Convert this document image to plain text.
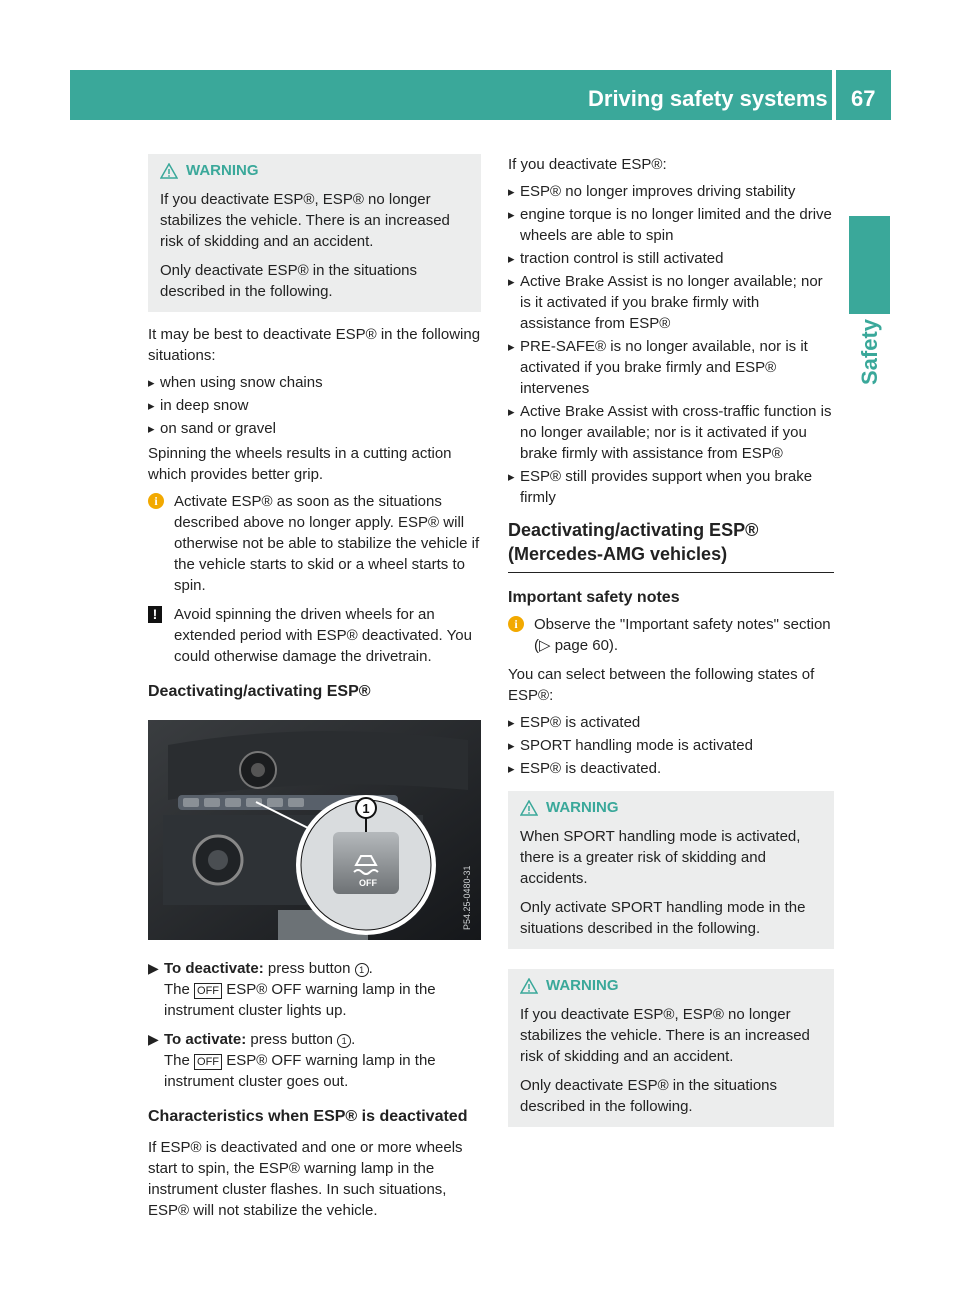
Driving safety systems 67
Safety
WARNING

If you deactivate ESP®, ESP® no longer stabilizes the vehicle. There is an increased risk of skidding and an accident.

Only deactivate ESP® in the situations described in the following.

It may be best to deactivate ESP® in the following situations:

▸ when using snow chains
▸ in deep snow
▸ on sand or gravel

Spinning the wheels results in a cutting action which provides better grip.

i	Activate ESP® as soon as the situations described above no longer apply. ESP® will otherwise not be able to stabilize the vehicle if the vehicle starts to skid or a wheel starts to spin.
!	Avoid spinning the driven wheels for an extended period with ESP® deactivated. You could otherwise damage the drivetrain.
Deactivating/activating ESP®
1
OFF	P54.25-0480-31
▶ To deactivate: press button 1 .
The OFF ESP® OFF warning lamp in the
instrument cluster lights up.
▶ To activate: press button 1 .
The OFF ESP® OFF warning lamp in the
instrument cluster goes out.
Characteristics when ESP® is deactivated

If ESP® is deactivated and one or more wheels start to spin, the ESP® warning lamp in the instrument cluster flashes. In such situations, ESP® will not stabilize the vehicle.

If you deactivate ESP®:

▸ ESP® no longer improves driving stability
▸ engine torque is no longer limited and the drive wheels are able to spin
▸ traction control is still activated
▸ Active Brake Assist is no longer available; nor is it activated if you brake firmly with assistance from ESP®
▸ PRE-SAFE® is no longer available, nor is it activated if you brake firmly and ESP® intervenes
▸ Active Brake Assist with cross-traffic function is no longer available; nor is it activated if you brake firmly with assistance from ESP®
▸ ESP® still provides support when you brake firmly
Deactivating/activating ESP® (Mercedes-AMG vehicles)
Important safety notes
i	Observe the "Important safety notes" section (▷ page 60).

You can select between the following states of ESP®:

▸ ESP® is activated
▸ SPORT handling mode is activated
▸ ESP® is deactivated.
WARNING

When SPORT handling mode is activated, there is a greater risk of skidding and accidents.

Only activate SPORT handling mode in the situations described in the following.

WARNING

If you deactivate ESP®, ESP® no longer stabilizes the vehicle. There is an increased risk of skidding and an accident.

Only deactivate ESP® in the situations described in the following.
